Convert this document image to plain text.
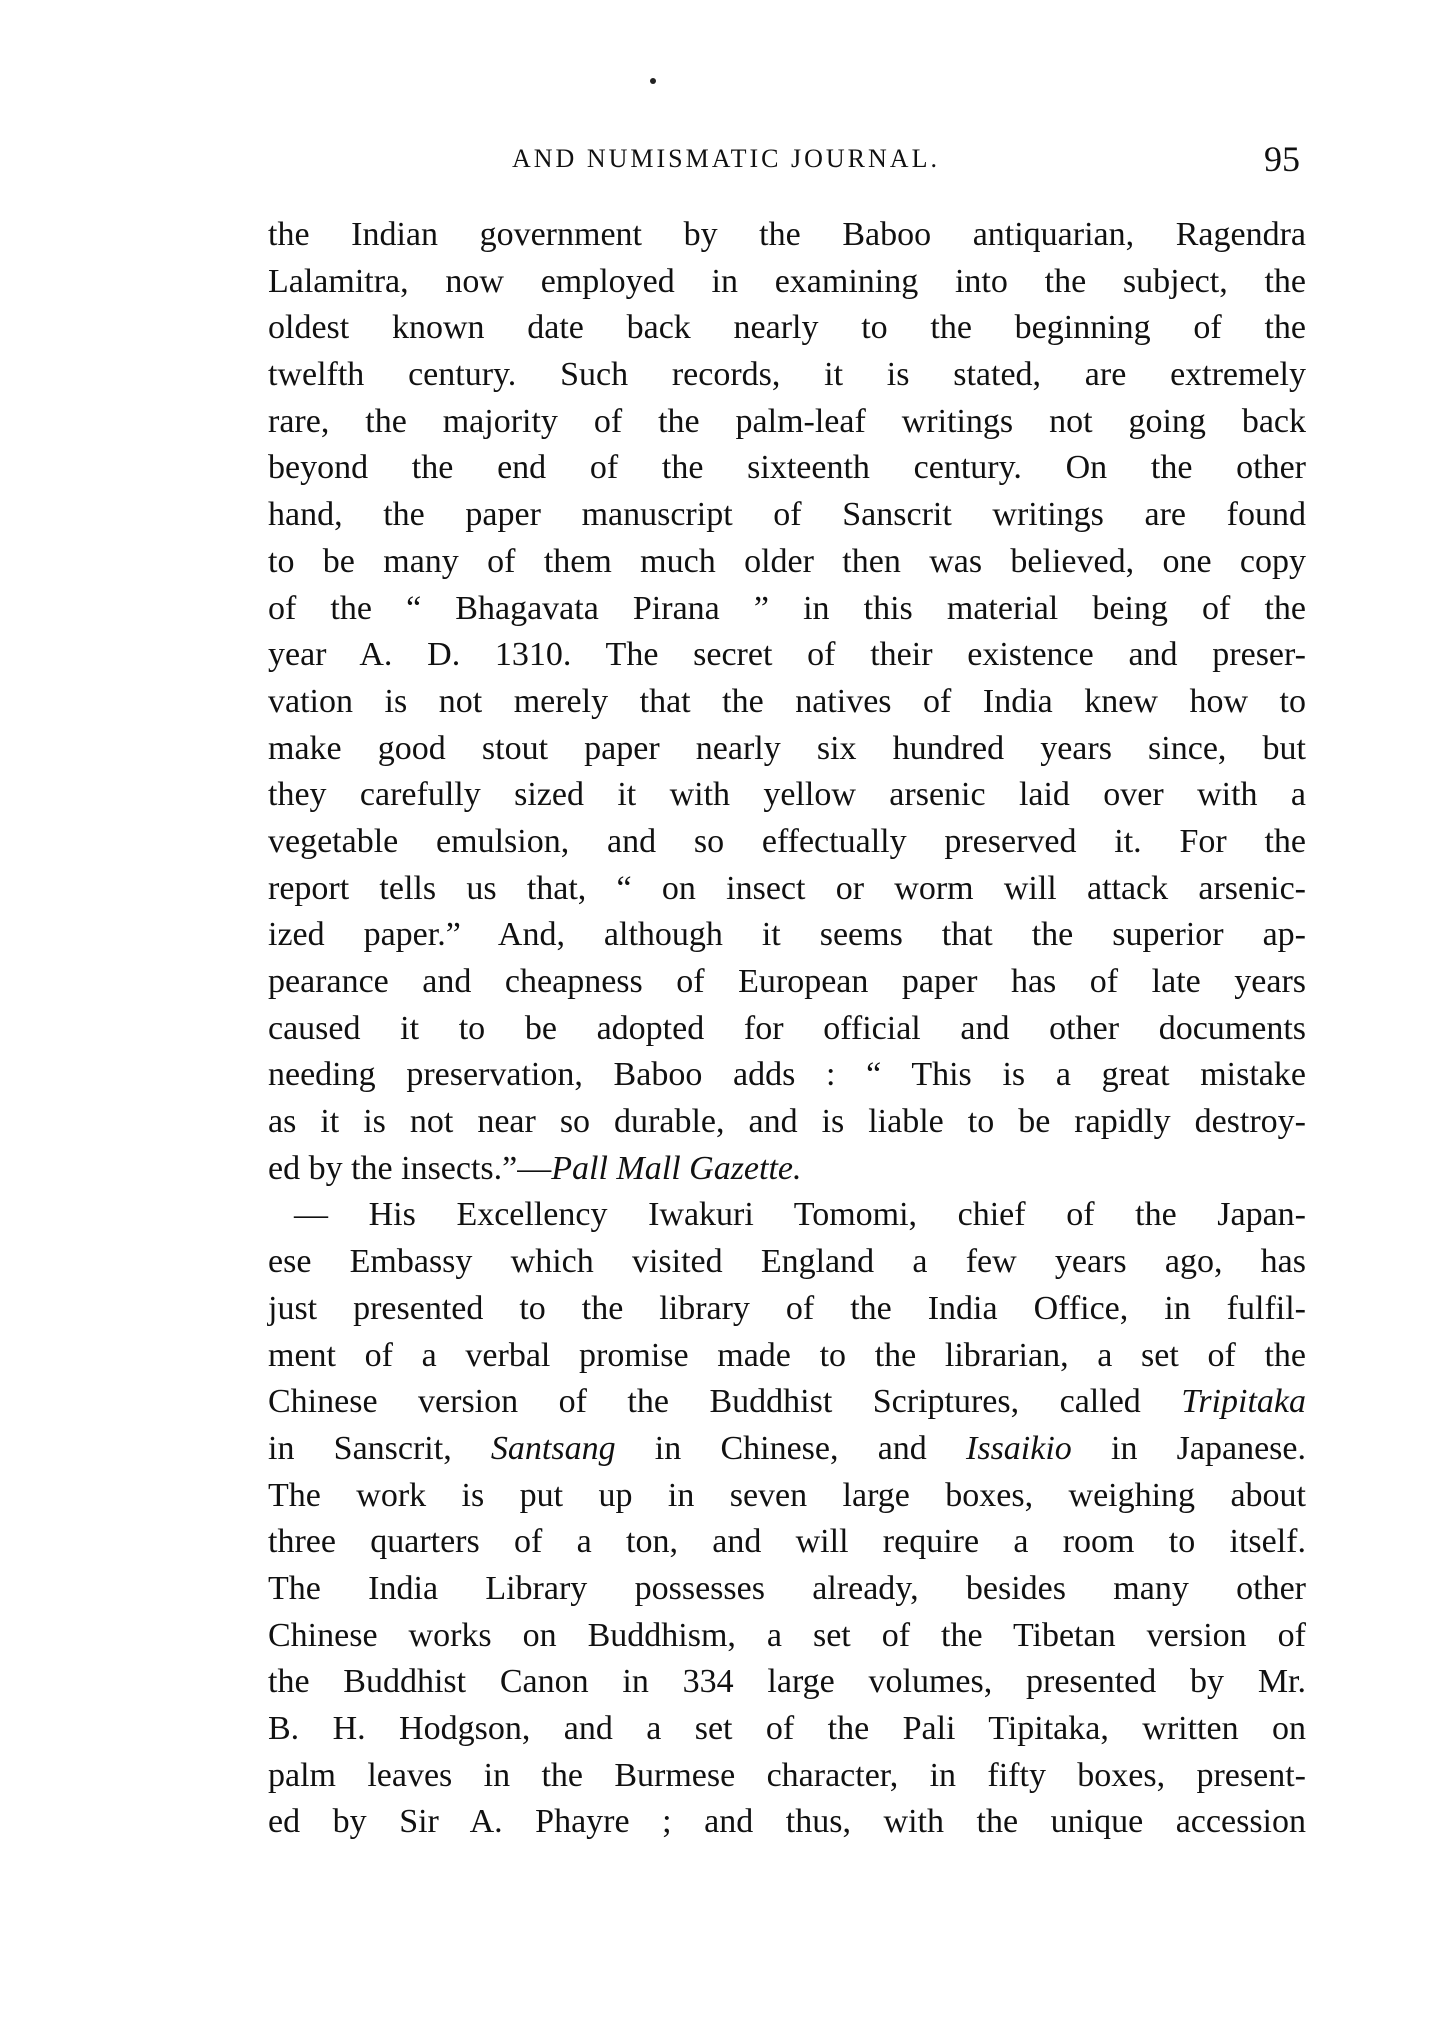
AND NUMISMATIC JOURNAL.	95
the Indian government by the Baboo antiquarian, Ragendra
Lalamitra, now employed in examining into the subject, the
oldest known date back nearly to the beginning of the
twelfth century. Such records, it is stated, are extremely
rare, the majority of the palm-leaf writings not going back
beyond the end of the sixteenth century. On the other
hand, the paper manuscript of Sanscrit writings are found
to be many of them much older then was believed, one copy
of the “ Bhagavata Pirana ” in this material being of the
year A. D. 1310. The secret of their existence and preser-
vation is not merely that the natives of India knew how to
make good stout paper nearly six hundred years since, but
they carefully sized it with yellow arsenic laid over with a
vegetable emulsion, and so effectually preserved it. For the
report tells us that, “ on insect or worm will attack arsenic-
ized paper.” And, although it seems that the superior ap-
pearance and cheapness of European paper has of late years
caused it to be adopted for official and other documents
needing preservation, Baboo adds : “ This is a great mistake
as it is not near so durable, and is liable to be rapidly destroy-
ed by the insects.”—Pall Mall Gazette.
— His Excellency Iwakuri Tomomi, chief of the Japan-
ese Embassy which visited England a few years ago, has
just presented to the library of the India Office, in fulfil-
ment of a verbal promise made to the librarian, a set of the
Chinese version of the Buddhist Scriptures, called Tripitaka
in Sanscrit, Santsang in Chinese, and Issaikio in Japanese.
The work is put up in seven large boxes, weighing about
three quarters of a ton, and will require a room to itself.
The India Library possesses already, besides many other
Chinese works on Buddhism, a set of the Tibetan version of
the Buddhist Canon in 334 large volumes, presented by Mr.
B. H. Hodgson, and a set of the Pali Tipitaka, written on
palm leaves in the Burmese character, in fifty boxes, present-
ed by Sir A. Phayre ; and thus, with the unique accession
